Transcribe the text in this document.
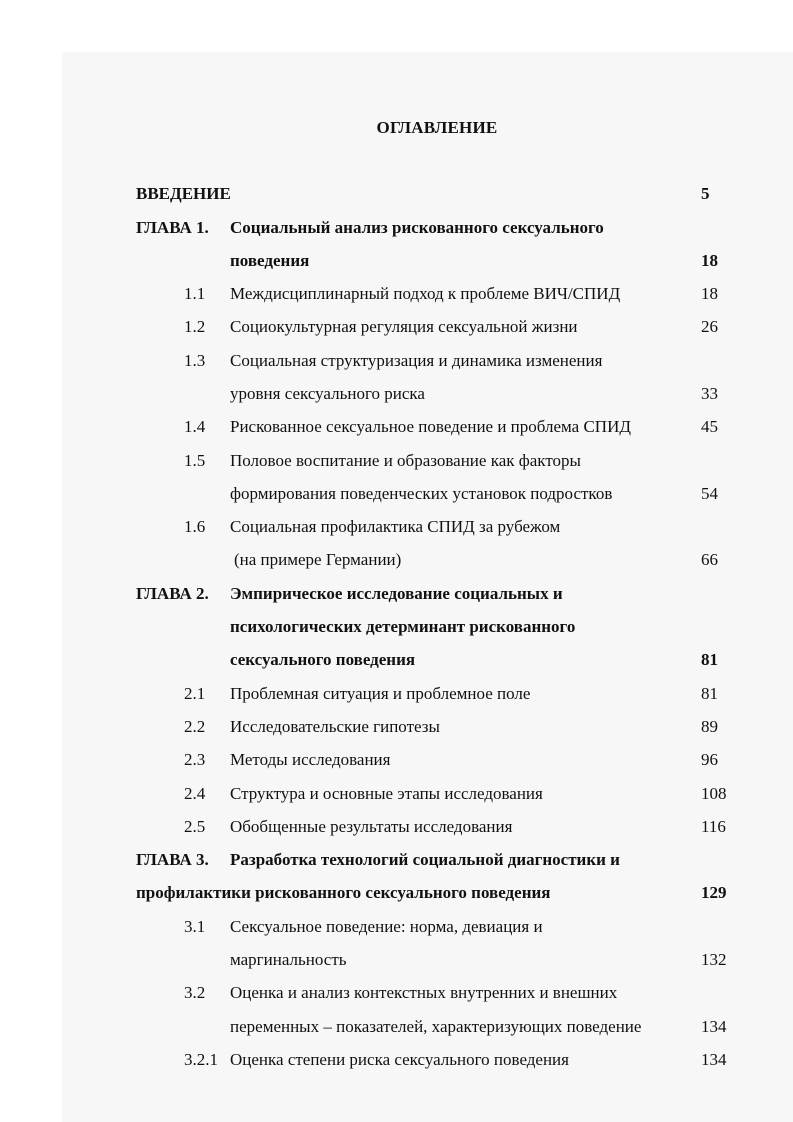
ОГЛАВЛЕНИЕ
ВВЕДЕНИЕ	5
ГЛАВА 1. Социальный анализ рискованного сексуального
поведения	18
1.1 Междисциплинарный подход к проблеме ВИЧ/СПИД	18
1.2 Социокультурная регуляция сексуальной жизни	26
1.3 Социальная структуризация и динамика изменения
уровня сексуального риска	33
1.4 Рискованное сексуальное поведение и проблема СПИД	45
1.5 Половое воспитание и образование как факторы
формирования поведенческих установок подростков	54
1.6 Социальная профилактика СПИД за рубежом
(на примере Германии)	66
ГЛАВА 2. Эмпирическое исследование социальных и
психологических детерминант рискованного
сексуального поведения	81
2.1 Проблемная ситуация и проблемное поле	81
2.2 Исследовательские гипотезы	89
2.3 Методы исследования	96
2.4 Структура и основные этапы исследования	108
2.5 Обобщенные результаты исследования	116
ГЛАВА 3. Разработка технологий социальной диагностики и
профилактики рискованного сексуального поведения	129
3.1 Сексуальное поведение: норма, девиация и
маргинальность	132
3.2 Оценка и анализ контекстных внутренних и внешних
переменных – показателей, характеризующих поведение	134
3.2.1 Оценка степени риска сексуального поведения	134
